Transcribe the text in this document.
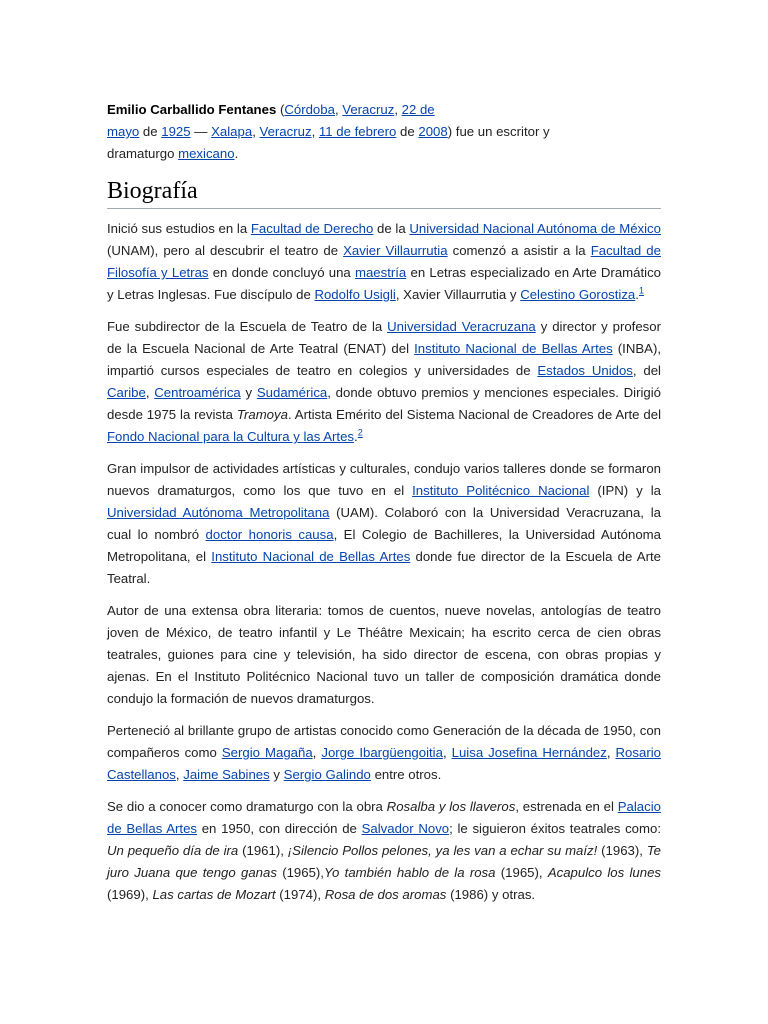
Emilio Carballido Fentanes (Córdoba, Veracruz, 22 de
mayo de 1925 — Xalapa, Veracruz, 11 de febrero de 2008) fue un escritor y
dramaturgo mexicano.
Biografía

Inició sus estudios en la Facultad de Derecho de la Universidad Nacional Autónoma de México (UNAM), pero al descubrir el teatro de Xavier Villaurrutia comenzó a asistir a la Facultad de Filosofía y Letras en donde concluyó una maestría en Letras especializado en Arte Dramático y Letras Inglesas. Fue discípulo de Rodolfo Usigli, Xavier Villaurrutia y Celestino Gorostiza.$^1$

Fue subdirector de la Escuela de Teatro de la Universidad Veracruzana y director y profesor de la Escuela Nacional de Arte Teatral (ENAT) del Instituto Nacional de Bellas Artes (INBA), impartió cursos especiales de teatro en colegios y universidades de Estados Unidos, del Caribe, Centroamérica y Sudamérica, donde obtuvo premios y menciones especiales. Dirigió desde 1975 la revista Tramoya. Artista Emérito del Sistema Nacional de Creadores de Arte del Fondo Nacional para la Cultura y las Artes.$^2$

Gran impulsor de actividades artísticas y culturales, condujo varios talleres donde se formaron nuevos dramaturgos, como los que tuvo en el Instituto Politécnico Nacional (IPN) y la Universidad Autónoma Metropolitana (UAM). Colaboró con la Universidad Veracruzana, la cual lo nombró doctor honoris causa, El Colegio de Bachilleres, la Universidad Autónoma Metropolitana, el Instituto Nacional de Bellas Artes donde fue director de la Escuela de Arte Teatral.

Autor de una extensa obra literaria: tomos de cuentos, nueve novelas, antologías de teatro joven de México, de teatro infantil y Le Théâtre Mexicain; ha escrito cerca de cien obras teatrales, guiones para cine y televisión, ha sido director de escena, con obras propias y ajenas. En el Instituto Politécnico Nacional tuvo un taller de composición dramática donde condujo la formación de nuevos dramaturgos.

Perteneció al brillante grupo de artistas conocido como Generación de la década de 1950, con compañeros como Sergio Magaña, Jorge Ibargüengoitia, Luisa Josefina Hernández, Rosario Castellanos, Jaime Sabines y Sergio Galindo entre otros.

Se dio a conocer como dramaturgo con la obra Rosalba y los llaveros, estrenada en el Palacio de Bellas Artes en 1950, con dirección de Salvador Novo; le siguieron éxitos teatrales como: Un pequeño día de ira (1961), ¡Silencio Pollos pelones, ya les van a echar su maíz! (1963), Te juro Juana que tengo ganas (1965),Yo también hablo de la rosa (1965), Acapulco los lunes (1969), Las cartas de Mozart (1974), Rosa de dos aromas (1986) y otras.
